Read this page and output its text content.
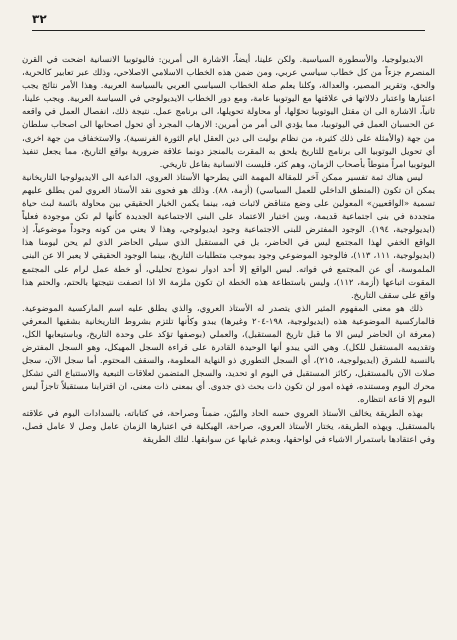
٣٢

الايديولوجيا، والأسطورة السياسية. ولكن علينا، أيضاً، الاشارة الى أمرين: فاليوتوبيا الانسانية اضحت في القرن المنصرم جزءاً من كل خطاب سياسي عربي، ومن ضمن هذه الخطاب الاسلامي الاصلاحي، وذلك عبر تعابير كالحرية، والحق، وتقرير المصير، والعدالة، وكلنا يعلم صلة الخطاب السياسي العربي بالسياسة العربية. وهذا الأمر نتائج يجب اعتبارها واعتبار دلالاتها في علاقتها مع اليوتوبيا عامة، ومع دور الخطاب الايديولوجي في السياسة العربية. ويجب علينا، ثانياً، الاشارة الى ان مقتل اليوتوبيا تحوّلها، أو محاولة تحويلها، الى برنامج عمل. نتيجة ذلك، انفصال العمل في واقعه عن الحسبان العمل في اليوتوبيا، مما يؤدي الى أمر من أمرين: الارهاب المجرد أي تحول اصحابها الى اصحاب سلطان من جهة (والأمثلة على ذلك كثيرة، من نظام بوليت الى دين العقل ايام الثورة الفرنسية)، والاستخفاف من جهة اخرى، أي تحويل اليوتوبيا الى برنامج للتاريخ يلحق به المقرت بالمنجز دونما علاقة ضرورية بواقع التاريخ، مما يجعل تنفيذ اليوتوبيا امراً منوطاً بأصحاب الزمان، وهم كثر، فليست الانسانية بفاعل تاريخي.

ليس هناك ثمة تفسير ممكن آخر للمقالة المهمة التي يطرحها الأستاذ العروي، الداعية الى الايديولوجيا التاريخانية يمكن ان تكون (المنطق الداخلي للعمل السياسي) (أزمة، ٨٨). وذلك هو فحوى نقد الأستاذ العروي لمن يطلق عليهم تسمية «الواقعيين» المعولين على وضع متناقض لاثبات فيه، بينما يكمن الخيار الحقيقي بين محاولة بائسة لبث حياة متجددة في بنى اجتماعية قديمة، وبين اختيار الاعتماد على البنى الاجتماعية الجديدة كأنها لم تكن موجودة فعلياً (ايديولوجية، ١٩٤). الوجود المفترض للبنى الاجتماعية وجود ايديولوجي، وهذا لا يعني من كونه وجوداً موضوعياً، إذ الواقع الخفي لهذا المجتمع ليس في الحاضر، بل في المستقبل الذي سيلي الحاضر الذي لم يحن ليومنا هذا (ايديولوجية، ١١١، ١١٣)، فالوجود الموضوعي وجود بموجب متطلبات التاريخ، بينما الوجود الحقيقي لا يعبر الا عن البنى الملموسة، أي عن المجتمع في فواته. ليس الواقع إلا أحد ادوار نموذج تحليلي، أو خطة عمل لرام على المجتمع المقوت اتباعها (أزمة، ١١٢)، وليس باستطاعة هذه الخطة ان تكون ملزمة الا اذا اتصفت نتيجتها بالحتم، والحتم هذا واقع على سقف التاريخ.

ذلك هو معنى المفهوم المثير الذي يتصدر له الأستاذ العروي، والذي يطلق عليه اسم الماركسية الموضوعية. فالماركسية الموضوعية هذه (ايديولوجية، ١٩٨-٢٠٤ وغيرها) يبدو وكأنها تلتزم بشروط التاريخانية بشقيها المعرفي (معرفة ان الحاضر ليس الا ما قبل تاريخ المستقبل)، والعملي (بوصفها تؤكد على وحدة التاريخ، وباستيعابها الكل، وتقديمه المستقبل للكل). وهي التي يبدو أنها الوحيدة القادرة على قراءة السجل المهيكل، وهو السجل المفترض بالنسبة للشرق (ايديولوجية، ٢١٥)، أي السجل التطوري ذو النهاية المعلومة، والسقف المحتوم. أما سجل الآن، سجل صلات الآن بالمستقبل، ركائز المستقبل في اليوم او تحديد، والسجل المتضمن لعلاقات التبعية والاستتباع التي تشكل محرك اليوم ومستنده، فهذه امور لن تكون ذات بحث ذي جدوى. أي بمعنى ذات معنى، ان اقترابنا مستقبلاً تاجزاً ليس اليوم إلا قاعة انتظاره.

بهذه الطريقة يخالف الأستاذ العروي حسه الحاد والبيّن، ضمناً وصراحة، في كتاباته، بالسدادات اليوم في علاقته بالمستقبل. ويهذه الطريقة، يختار الأستاذ العروي، صراحة، الهيكلية في اعتبارها الزمان عامل وصل لا عامل فصل، وفي اعتقادها باستمرار الاشياء في لواحقها، وبعدم غيابها عن سوابقها. لتلك الطريقة
